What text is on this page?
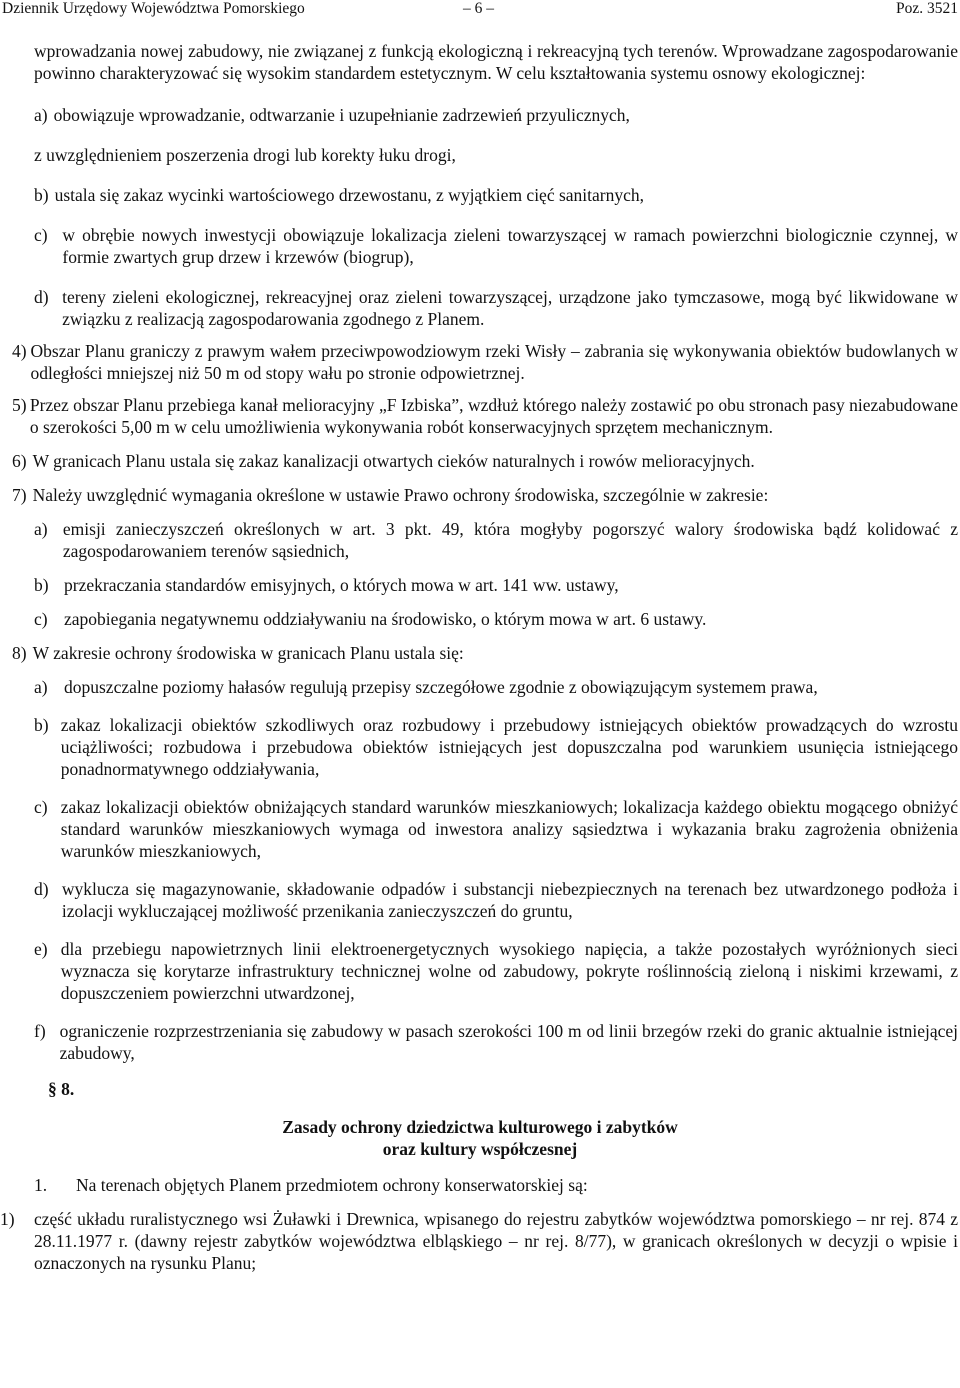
Dziennik Urzędowy Województwa Pomorskiego	– 6 –	Poz. 3521

wprowadzania nowej zabudowy, nie związanej z funkcją ekologiczną i rekreacyjną tych terenów. Wprowadzane zagospodarowanie powinno charakteryzować się wysokim standardem estetycznym. W celu kształtowania systemu osnowy ekologicznej:

a) obowiązuje wprowadzanie, odtwarzanie i uzupełnianie zadrzewień przyulicznych,

z uwzględnieniem poszerzenia drogi lub korekty łuku drogi,

b) ustala się zakaz wycinki wartościowego drzewostanu, z wyjątkiem cięć sanitarnych,
c) w obrębie nowych inwestycji obowiązuje lokalizacja zieleni towarzyszącej w ramach powierzchni biologicznie czynnej, w formie zwartych grup drzew i krzewów (biogrup),
d) tereny zieleni ekologicznej, rekreacyjnej oraz zieleni towarzyszącej, urządzone jako tymczasowe, mogą być likwidowane w związku z realizacją zagospodarowania zgodnego z Planem.
4) Obszar Planu graniczy z prawym wałem przeciwpowodziowym rzeki Wisły – zabrania się wykonywania obiektów budowlanych w odległości mniejszej niż 50 m od stopy wału po stronie odpowietrznej.
5) Przez obszar Planu przebiega kanał melioracyjny „F Izbiska”, wzdłuż którego należy zostawić po obu stronach pasy niezabudowane o szerokości 5,00 m w celu umożliwienia wykonywania robót konserwacyjnych sprzętem mechanicznym.
6) W granicach Planu ustala się zakaz kanalizacji otwartych cieków naturalnych i rowów melioracyjnych.
7) Należy uwzględnić wymagania określone w ustawie Prawo ochrony środowiska, szczególnie w zakresie:
a) emisji zanieczyszczeń określonych w art. 3 pkt. 49, która mogłyby pogorszyć walory środowiska bądź kolidować z zagospodarowaniem terenów sąsiednich,
b) przekraczania standardów emisyjnych, o których mowa w art. 141 ww. ustawy,
c) zapobiegania negatywnemu oddziaływaniu na środowisko, o którym mowa w art. 6 ustawy.
8) W zakresie ochrony środowiska w granicach Planu ustala się:
a) dopuszczalne poziomy hałasów regulują przepisy szczegółowe zgodnie z obowiązującym systemem prawa,
b) zakaz lokalizacji obiektów szkodliwych oraz rozbudowy i przebudowy istniejących obiektów prowadzących do wzrostu uciążliwości; rozbudowa i przebudowa obiektów istniejących jest dopuszczalna pod warunkiem usunięcia istniejącego ponadnormatywnego oddziaływania,
c) zakaz lokalizacji obiektów obniżających standard warunków mieszkaniowych; lokalizacja każdego obiektu mogącego obniżyć standard warunków mieszkaniowych wymaga od inwestora analizy sąsiedztwa i wykazania braku zagrożenia obniżenia warunków mieszkaniowych,
d) wyklucza się magazynowanie, składowanie odpadów i substancji niebezpiecznych na terenach bez utwardzonego podłoża i izolacji wykluczającej możliwość przenikania zanieczyszczeń do gruntu,
e) dla przebiegu napowietrznych linii elektroenergetycznych wysokiego napięcia, a także pozostałych wyróżnionych sieci wyznacza się korytarze infrastruktury technicznej wolne od zabudowy, pokryte roślinnością zieloną i niskimi krzewami, z dopuszczeniem powierzchni utwardzonej,
f) ograniczenie rozprzestrzeniania się zabudowy w pasach szerokości 100 m od linii brzegów rzeki do granic aktualnie istniejącej zabudowy,
§ 8.
Zasady ochrony dziedzictwa kulturowego i zabytków
oraz kultury współczesnej
1.	Na terenach objętych Planem przedmiotem ochrony konserwatorskiej są:
1)	część układu ruralistycznego wsi Żuławki i Drewnica, wpisanego do rejestru zabytków województwa pomorskiego – nr rej. 874 z 28.11.1977 r. (dawny rejestr zabytków województwa elbląskiego – nr rej. 8/77), w granicach określonych w decyzji o wpisie i oznaczonych na rysunku Planu;
